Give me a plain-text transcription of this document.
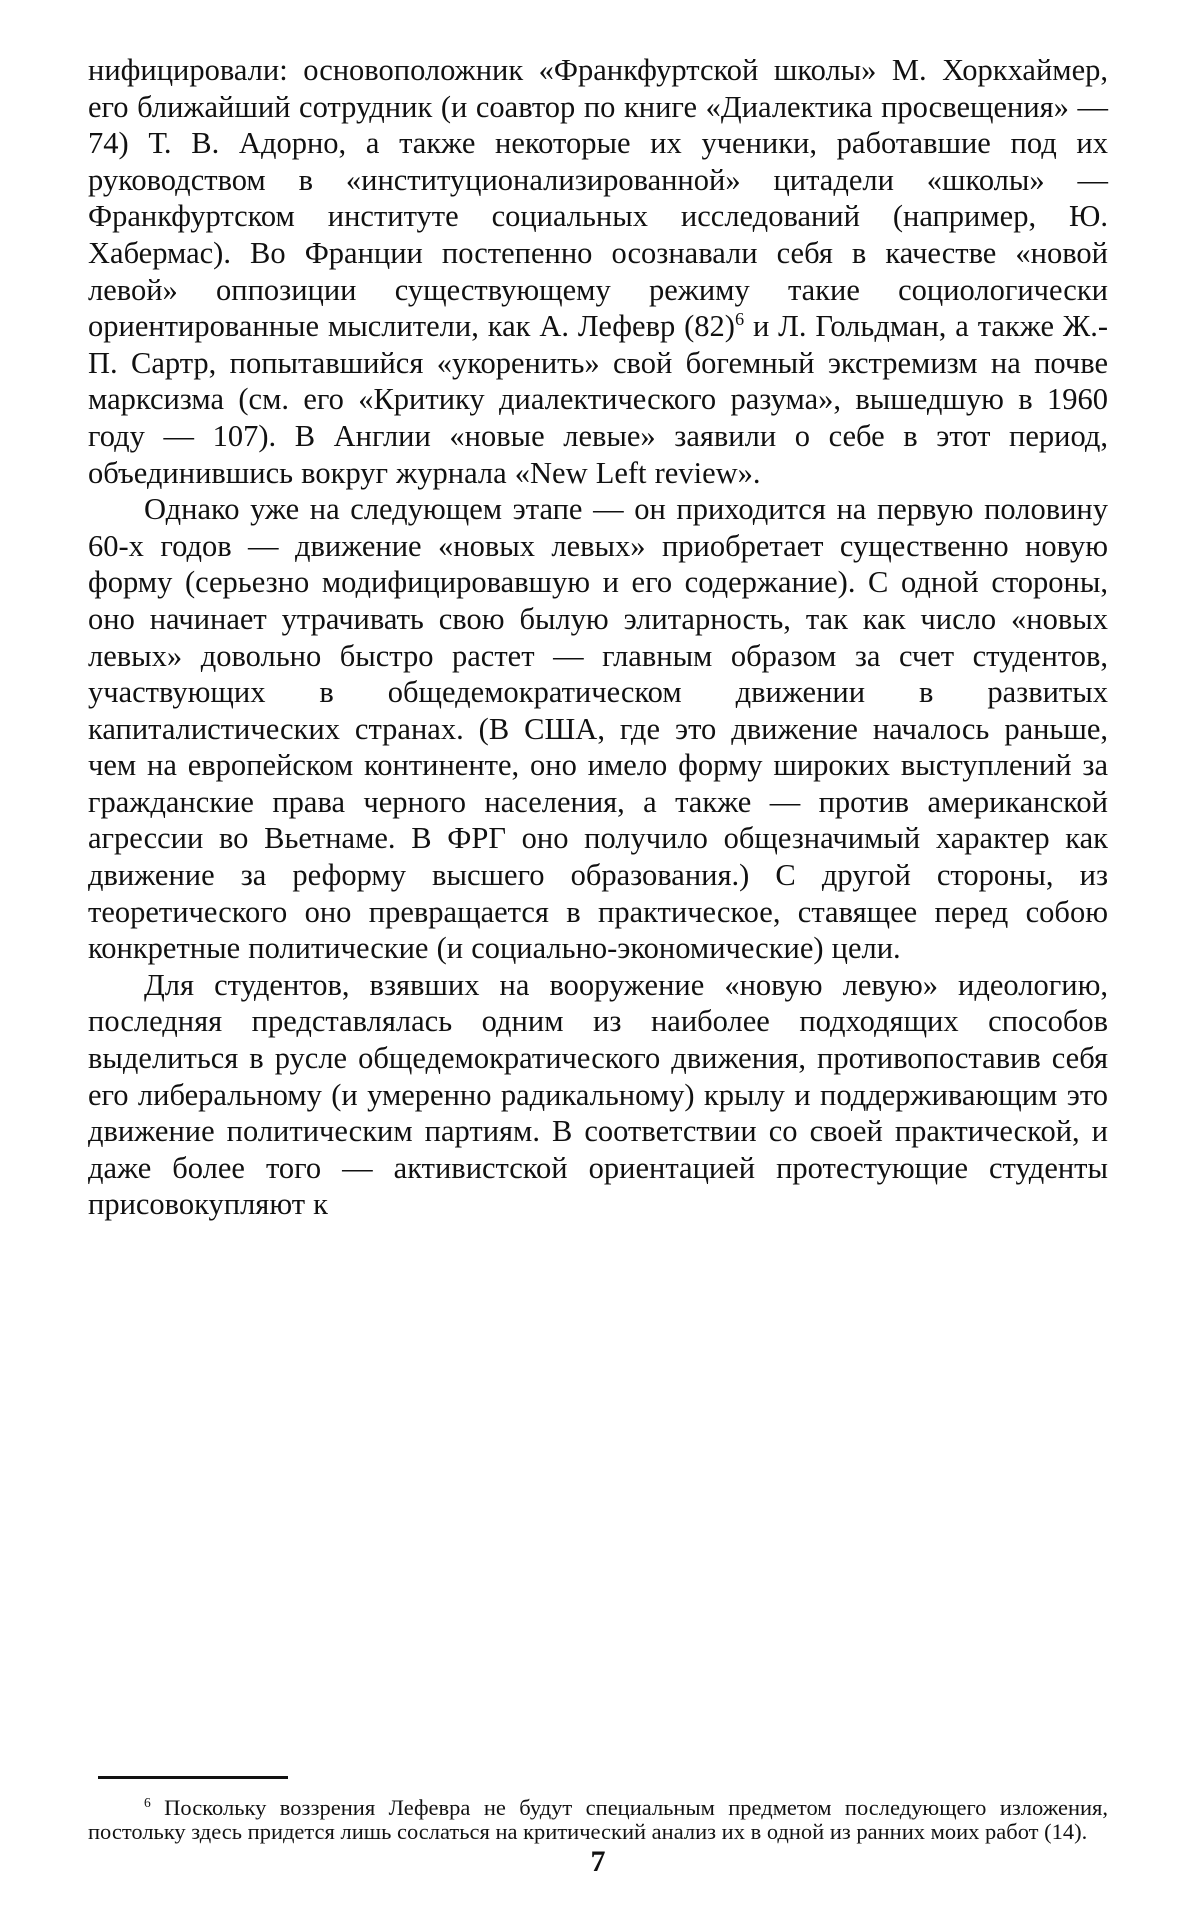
нифицировали: основоположник «Франкфуртской школы» М. Хоркхаймер, его ближайший сотрудник (и соавтор по книге «Диалектика просвещения» — 74) Т. В. Адорно, а также некоторые их ученики, работавшие под их руководством в «институционализированной» цитадели «школы» — Франкфуртском институте социальных исследований (например, Ю. Хабермас). Во Франции постепенно осознавали себя в качестве «новой левой» оппозиции существующему режиму такие социологически ориентированные мыслители, как А. Лефевр $(82)^6$ и Л. Гольдман, а также Ж.-П. Сартр, попытавшийся «укоренить» свой богемный экстремизм на почве марксизма (см. его «Критику диалектического разума», вышедшую в 1960 году — 107). В Англии «новые левые» заявили о себе в этот период, объединившись вокруг журнала «New Left review».

Однако уже на следующем этапе — он приходится на первую половину 60-х годов — движение «новых левых» приобретает существенно новую форму (серьезно модифицировавшую и его содержание). С одной стороны, оно начинает утрачивать свою былую элитарность, так как число «новых левых» довольно быстро растет — главным образом за счет студентов, участвующих в общедемократическом движении в развитых капиталистических странах. (В США, где это движение началось раньше, чем на европейском континенте, оно имело форму широких выступлений за гражданские права черного населения, а также — против американской агрессии во Вьетнаме. В ФРГ оно получило общезначимый характер как движение за реформу высшего образования.) С другой стороны, из теоретического оно превращается в практическое, ставящее перед собою конкретные политические (и социально-экономические) цели.

Для студентов, взявших на вооружение «новую левую» идеологию, последняя представлялась одним из наиболее подходящих способов выделиться в русле общедемократического движения, противопоставив себя его либеральному (и умеренно радикальному) крылу и поддерживающим это движение политическим партиям. В соответствии со своей практической, и даже более того — активистской ориентацией протестующие студенты присовокупляют к

$^6$ Поскольку воззрения Лефевра не будут специальным предметом последующего изложения, постольку здесь придется лишь сослаться на критический анализ их в одной из ранних моих работ (14).
7
